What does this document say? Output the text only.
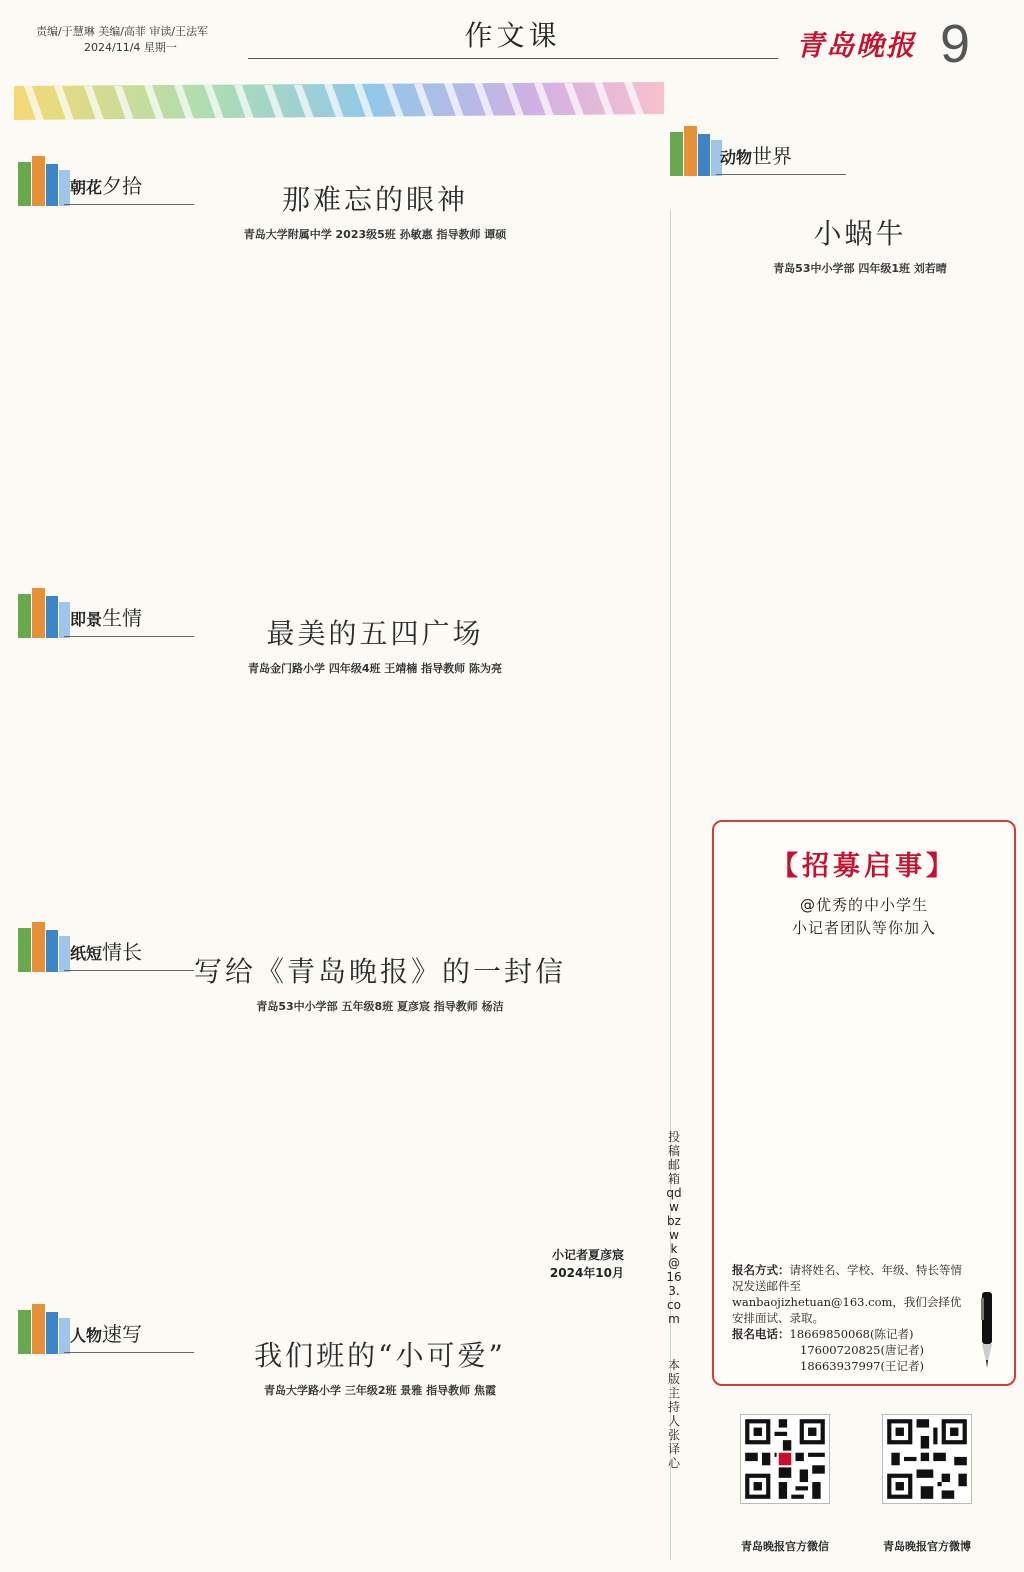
责编/于慧琳 美编/高菲 审读/王法军
2024/11/4 星期一	作文课	青岛晚报 9
朝花夕拾
即景生情
纸短情长
人物速写
动物世界
那难忘的眼神
青岛大学附属中学 2023级5班 孙敏惠 指导教师 谭硕
最美的五四广场
青岛金门路小学 四年级4班 王靖楠 指导教师 陈为亮
写给《青岛晚报》的一封信
青岛53中小学部 五年级8班 夏彦宸 指导教师 杨洁
小记者夏彦宸
2024年10月
我们班的“小可爱”
青岛大学路小学 三年级2班 景雅 指导教师 焦霞
小蜗牛
青岛53中小学部 四年级1班 刘若晴
投稿邮箱qdwbzwk@163.com
本版主持人 张译心
【招募启事】
@优秀的中小学生
小记者团队等你加入
报名方式：请将姓名、学校、年级、特长等情况发送邮件至wanbaojizhetuan@163.com，我们会择优安排面试、录取。
报名电话：18669850068(陈记者)
17600720825(唐记者)
18663937997(王记者)
青岛晚报官方微信	青岛晚报官方微博
